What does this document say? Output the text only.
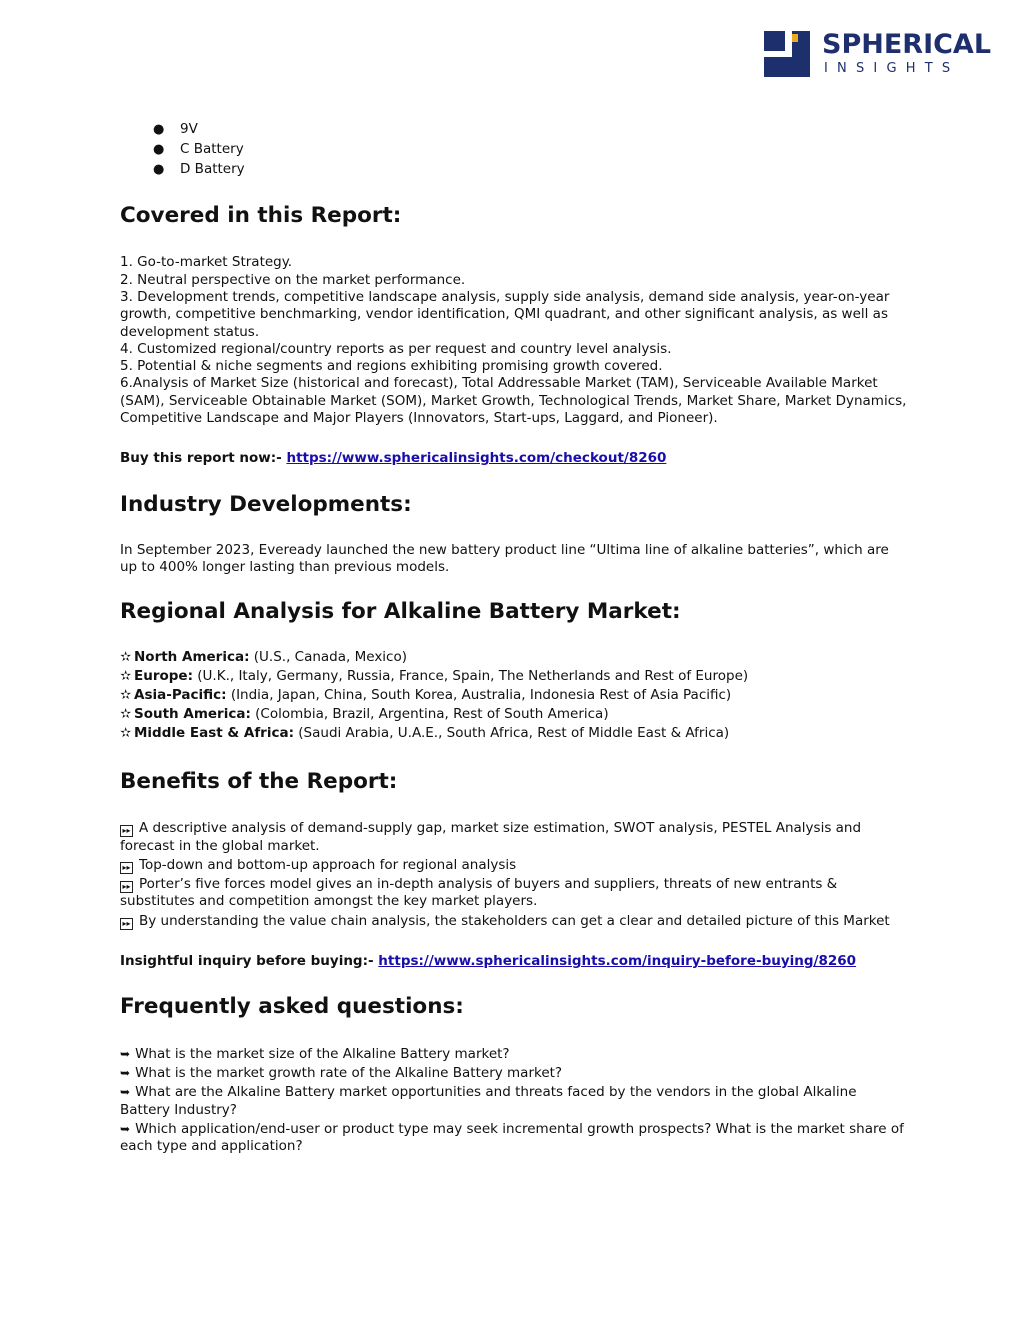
SPHERICAL
INSIGHTS
● 9V
● C Battery
● D Battery
Covered in this Report:

1. Go-to-market Strategy.

2. Neutral perspective on the market performance.

3. Development trends, competitive landscape analysis, supply side analysis, demand side analysis, year-on-year growth, competitive benchmarking, vendor identification, QMI quadrant, and other significant analysis, as well as development status.

4. Customized regional/country reports as per request and country level analysis.

5. Potential & niche segments and regions exhibiting promising growth covered.

6.Analysis of Market Size (historical and forecast), Total Addressable Market (TAM), Serviceable Available Market (SAM), Serviceable Obtainable Market (SOM), Market Growth, Technological Trends, Market Share, Market Dynamics, Competitive Landscape and Major Players (Innovators, Start-ups, Laggard, and Pioneer).

Buy this report now:- https://www.sphericalinsights.com/checkout/8260

Industry Developments:

In September 2023, Eveready launched the new battery product line “Ultima line of alkaline batteries”, which are up to 400% longer lasting than previous models.

Regional Analysis for Alkaline Battery Market:
✫ North America: (U.S., Canada, Mexico)
✫ Europe: (U.K., Italy, Germany, Russia, France, Spain, The Netherlands and Rest of Europe)
✫ Asia-Pacific: (India, Japan, China, South Korea, Australia, Indonesia Rest of Asia Pacific)
✫ South America: (Colombia, Brazil, Argentina, Rest of South America)
✫ Middle East & Africa: (Saudi Arabia, U.A.E., South Africa, Rest of Middle East & Africa)
Benefits of the Report:

▸▸ A descriptive analysis of demand-supply gap, market size estimation, SWOT analysis, PESTEL Analysis and forecast in the global market.

▸▸ Top-down and bottom-up approach for regional analysis

▸▸ Porter’s five forces model gives an in-depth analysis of buyers and suppliers, threats of new entrants & substitutes and competition amongst the key market players.

▸▸ By understanding the value chain analysis, the stakeholders can get a clear and detailed picture of this Market

Insightful inquiry before buying:- https://www.sphericalinsights.com/inquiry-before-buying/8260

Frequently asked questions:

➥ What is the market size of the Alkaline Battery market?

➥ What is the market growth rate of the Alkaline Battery market?

➥ What are the Alkaline Battery market opportunities and threats faced by the vendors in the global Alkaline Battery Industry?

➥ Which application/end-user or product type may seek incremental growth prospects? What is the market share of each type and application?
